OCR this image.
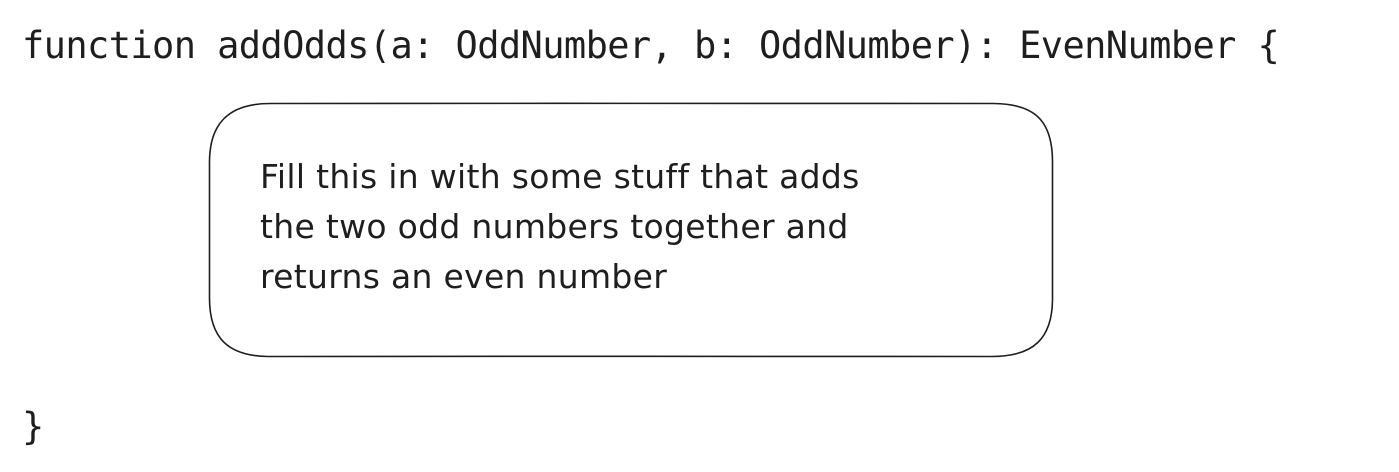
function addOdds(a: OddNumber, b: OddNumber): EvenNumber {

Fill this in with some stuff that adds
the two odd numbers together and
returns an even number

}
